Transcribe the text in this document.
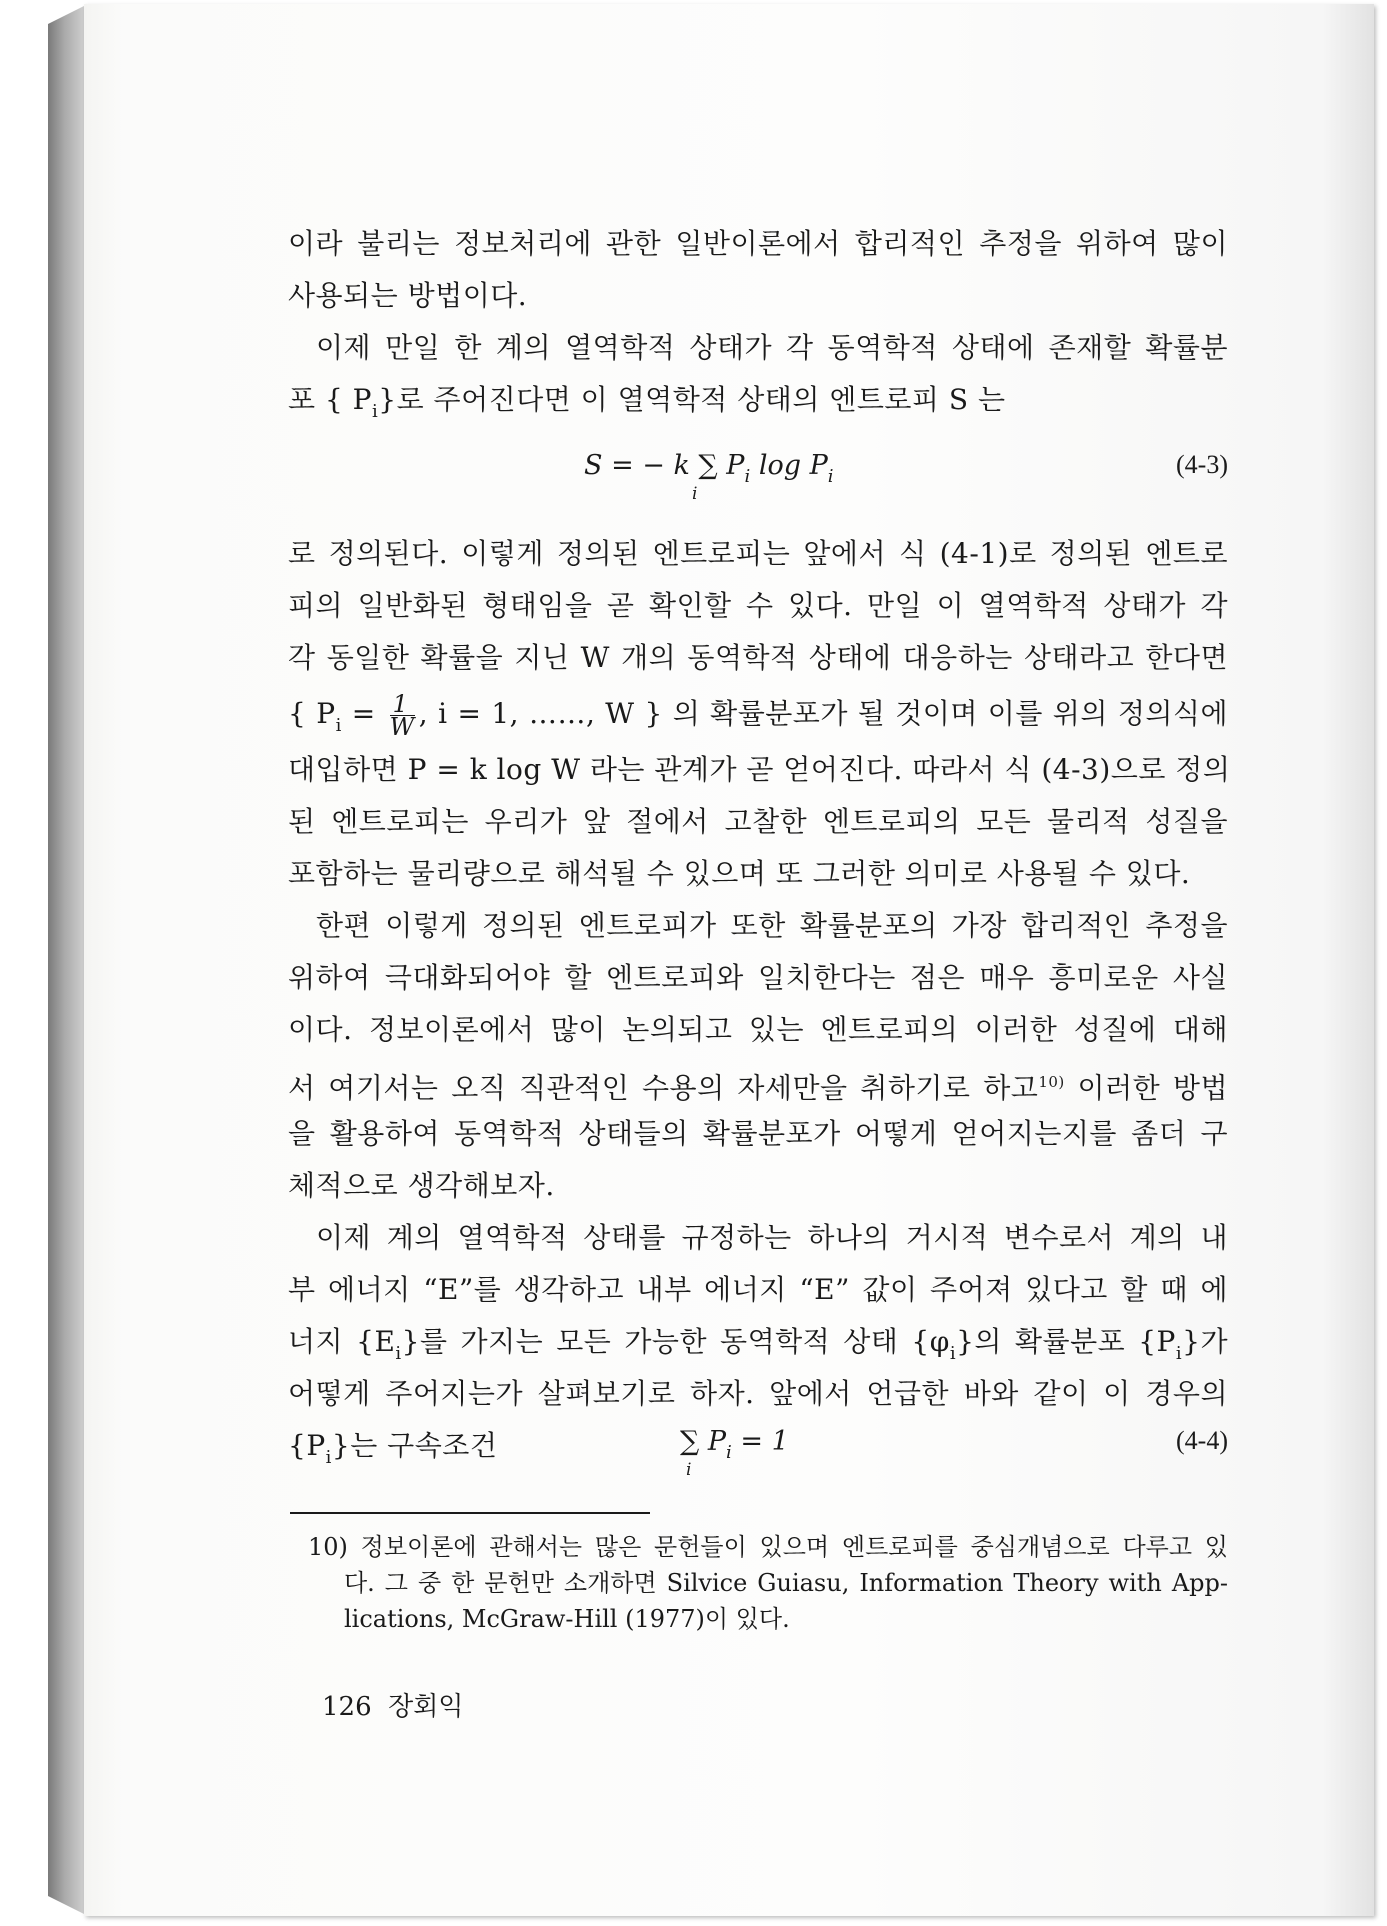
이라 불리는 정보처리에 관한 일반이론에서 합리적인 추정을 위하여 많이
사용되는 방법이다.
이제 만일 한 계의 열역학적 상태가 각 동역학적 상태에 존재할 확률분
포 { $P_i$}로 주어진다면 이 열역학적 상태의 엔트로피 S 는
S = − k ∑ $P_i$ $\log P_i$
i
(4-3)
로 정의된다. 이렇게 정의된 엔트로피는 앞에서 식 (4-1)로 정의된 엔트로
피의 일반화된 형태임을 곧 확인할 수 있다. 만일 이 열역학적 상태가 각
각 동일한 확률을 지닌 W 개의 동역학적 상태에 대응하는 상태라고 한다면
{ $P_i = \frac{1}{W}$ , i = 1, ……, W } 의 확률분포가 될 것이며 이를 위의 정의식에
대입하면 P = k log W 라는 관계가 곧 얻어진다. 따라서 식 (4-3)으로 정의
된 엔트로피는 우리가 앞 절에서 고찰한 엔트로피의 모든 물리적 성질을
포함하는 물리량으로 해석될 수 있으며 또 그러한 의미로 사용될 수 있다.
한편 이렇게 정의된 엔트로피가 또한 확률분포의 가장 합리적인 추정을
위하여 극대화되어야 할 엔트로피와 일치한다는 점은 매우 흥미로운 사실
이다. 정보이론에서 많이 논의되고 있는 엔트로피의 이러한 성질에 대해
서 여기서는 오직 직관적인 수용의 자세만을 취하기로 하고$^{10)}$ 이러한 방법
을 활용하여 동역학적 상태들의 확률분포가 어떻게 얻어지는지를 좀더 구
체적으로 생각해보자.
이제 계의 열역학적 상태를 규정하는 하나의 거시적 변수로서 계의 내
부 에너지 “E”를 생각하고 내부 에너지 “E” 값이 주어져 있다고 할 때 에
너지 $\{E_i\}$를 가지는 모든 가능한 동역학적 상태 $\{\varphi_i\}$의 확률분포 $\{P_i\}$가
어떻게 주어지는가 살펴보기로 하자. 앞에서 언급한 바와 같이 이 경우의
$\{P_i\}$는 구속조건	∑ $P_i = 1$
i
(4-4)
10) 정보이론에 관해서는 많은 문헌들이 있으며 엔트로피를 중심개념으로 다루고 있
다. 그 중 한 문헌만 소개하면 Silvice Guiasu, Information Theory with App-
lications, McGraw-Hill (1977)이 있다.
126 장회익
